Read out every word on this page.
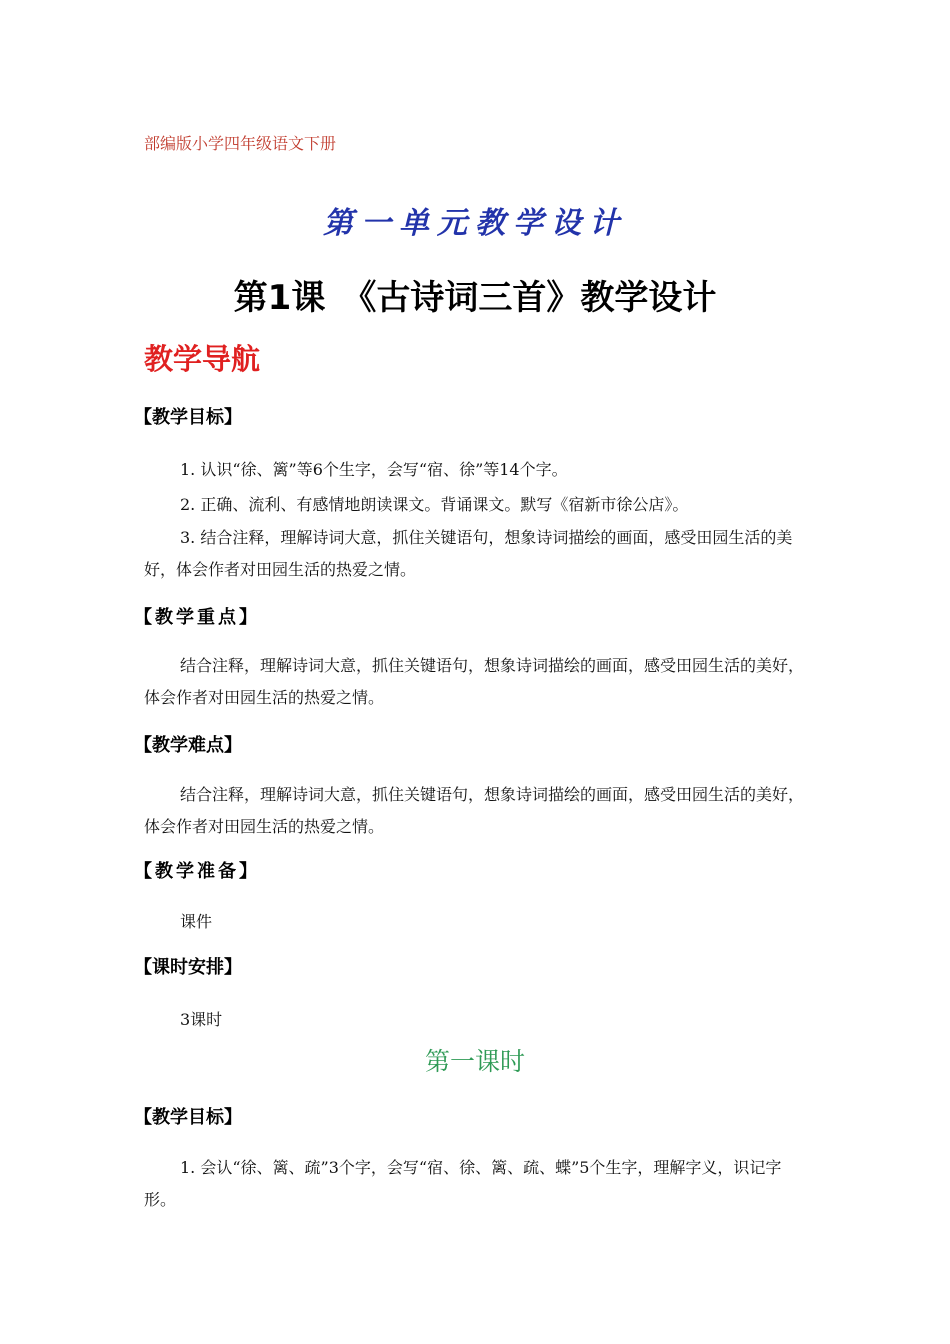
部编版小学四年级语文下册
第一单元教学设计
第1课　《古诗词三首》教学设计
教学导航
【教学目标】
1. 认识“徐、篱”等6个生字，会写“宿、徐”等14个字。
2. 正确、流利、有感情地朗读课文。背诵课文。默写《宿新市徐公店》。
3. 结合注释，理解诗词大意，抓住关键语句，想象诗词描绘的画面，感受田园生活的美好，体会作者对田园生活的热爱之情。
【教学重点】
结合注释，理解诗词大意，抓住关键语句，想象诗词描绘的画面，感受田园生活的美好，体会作者对田园生活的热爱之情。
【教学难点】
结合注释，理解诗词大意，抓住关键语句，想象诗词描绘的画面，感受田园生活的美好，体会作者对田园生活的热爱之情。
【教学准备】
课件
【课时安排】
3课时
第一课时
【教学目标】
1. 会认“徐、篱、疏”3个字，会写“宿、徐、篱、疏、蝶”5个生字，理解字义，识记字形。
